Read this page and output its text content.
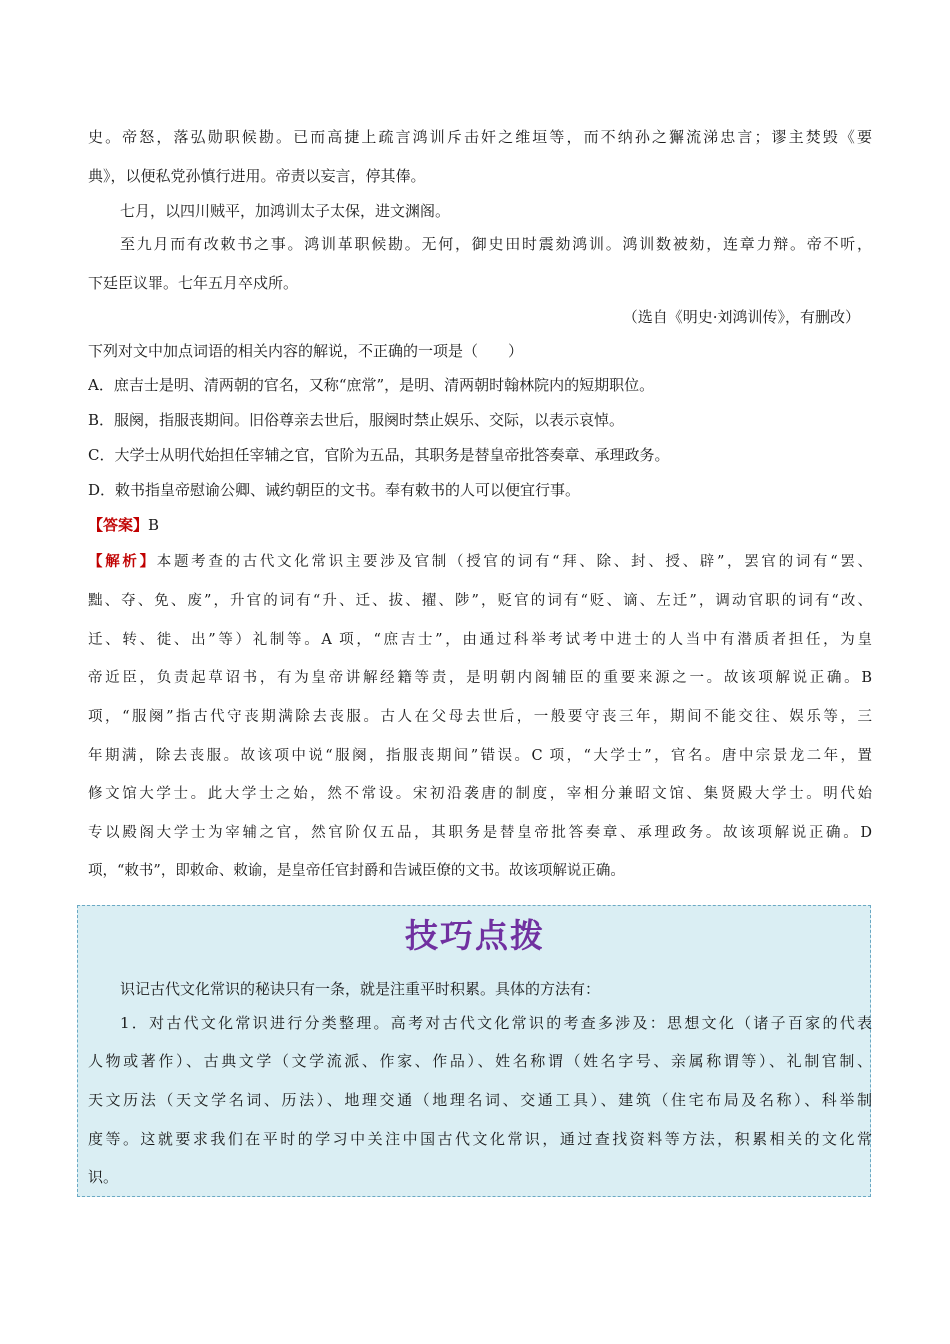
史。帝怒，落弘勋职候勘。已而高捷上疏言鸿训斥击奸之维垣等，而不纳孙之獬流涕忠言；谬主焚毁《要
典》，以便私党孙慎行进用。帝责以妄言，停其俸。
七月，以四川贼平，加鸿训太子太保，进文渊阁。
至九月而有改敕书之事。鸿训革职候勘。无何，御史田时震劾鸿训。鸿训数被劾，连章力辩。帝不听，
下廷臣议罪。七年五月卒戍所。
（选自《明史·刘鸿训传》，有删改）
下列对文中加点词语的相关内容的解说，不正确的一项是（　　）
A．庶吉士是明、清两朝的官名，又称“庶常”，是明、清两朝时翰林院内的短期职位。
B．服阕，指服丧期间。旧俗尊亲去世后，服阕时禁止娱乐、交际，以表示哀悼。
C．大学士从明代始担任宰辅之官，官阶为五品，其职务是替皇帝批答奏章、承理政务。
D．敕书指皇帝慰谕公卿、诫约朝臣的文书。奉有敕书的人可以便宜行事。
【答案】B
【解析】本题考查的古代文化常识主要涉及官制（授官的词有“拜、除、封、授、辟”，罢官的词有“罢、
黜、夺、免、废”，升官的词有“升、迁、拔、擢、陟”，贬官的词有“贬、谪、左迁”，调动官职的词有“改、
迁、转、徙、出”等）礼制等。A 项，“庶吉士”，由通过科举考试考中进士的人当中有潜质者担任，为皇
帝近臣，负责起草诏书，有为皇帝讲解经籍等责，是明朝内阁辅臣的重要来源之一。故该项解说正确。B
项，“服阕”指古代守丧期满除去丧服。古人在父母去世后，一般要守丧三年，期间不能交往、娱乐等，三
年期满，除去丧服。故该项中说“服阕，指服丧期间”错误。C 项，“大学士”，官名。唐中宗景龙二年，置
修文馆大学士。此大学士之始，然不常设。宋初沿袭唐的制度，宰相分兼昭文馆、集贤殿大学士。明代始
专以殿阁大学士为宰辅之官，然官阶仅五品，其职务是替皇帝批答奏章、承理政务。故该项解说正确。D
项，“敕书”，即敕命、敕谕，是皇帝任官封爵和告诫臣僚的文书。故该项解说正确。
技巧点拨
识记古代文化常识的秘诀只有一条，就是注重平时积累。具体的方法有：
1．对古代文化常识进行分类整理。高考对古代文化常识的考查多涉及：思想文化（诸子百家的代表
人物或著作）、古典文学（文学流派、作家、作品）、姓名称谓（姓名字号、亲属称谓等）、礼制官制、
天文历法（天文学名词、历法）、地理交通（地理名词、交通工具）、建筑（住宅布局及名称）、科举制
度等。这就要求我们在平时的学习中关注中国古代文化常识，通过查找资料等方法，积累相关的文化常
识。
